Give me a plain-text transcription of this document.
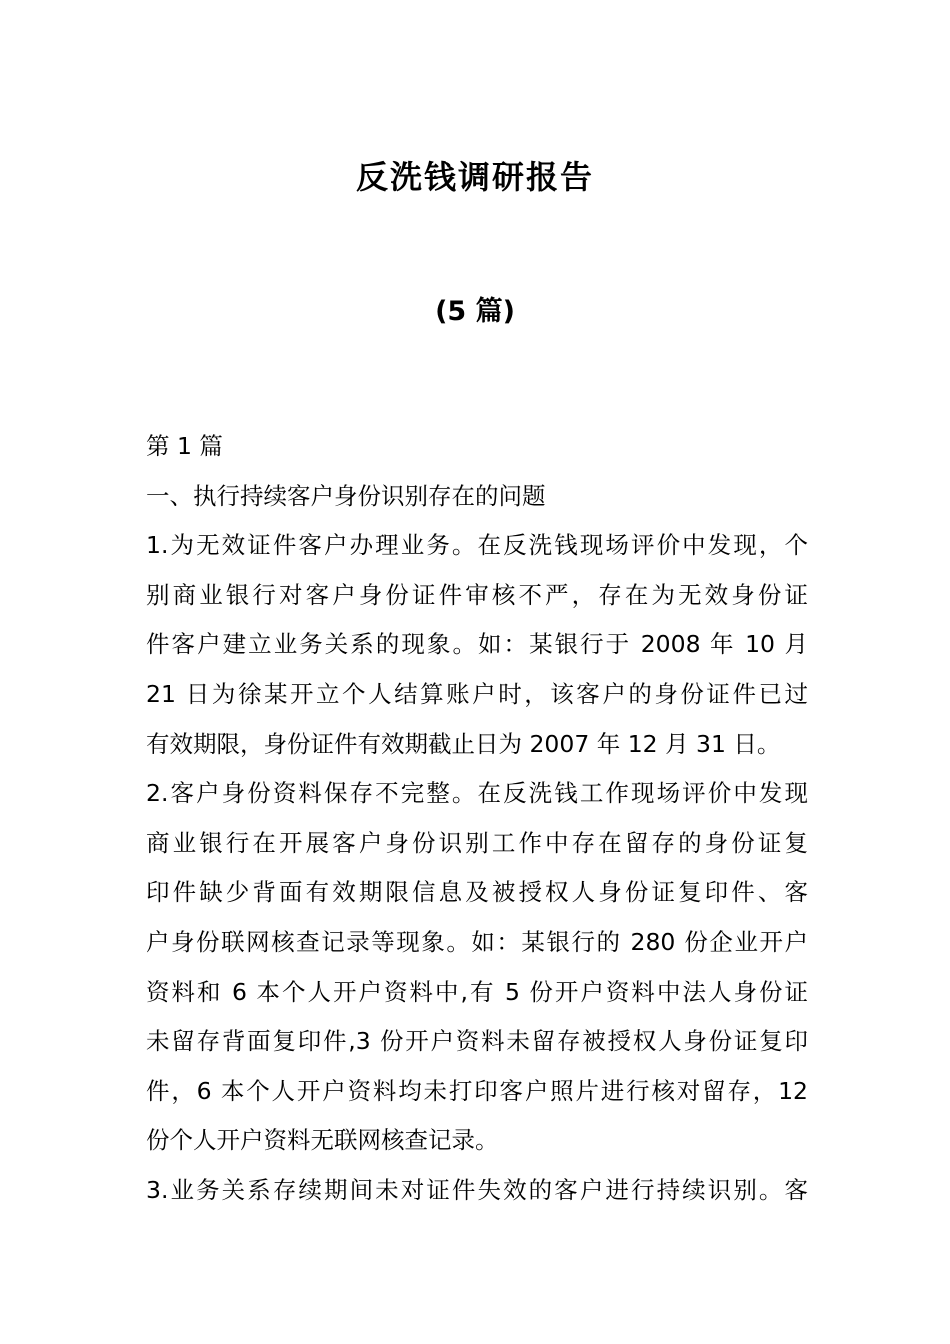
反洗钱调研报告
(5 篇)
第 1 篇
一、执行持续客户身份识别存在的问题
1.为无效证件客户办理业务。在反洗钱现场评价中发现，个
别商业银行对客户身份证件审核不严，存在为无效身份证
件客户建立业务关系的现象。如：某银行于 2008 年 10 月
21 日为徐某开立个人结算账户时，该客户的身份证件已过
有效期限，身份证件有效期截止日为 2007 年 12 月 31 日。
2.客户身份资料保存不完整。在反洗钱工作现场评价中发现
商业银行在开展客户身份识别工作中存在留存的身份证复
印件缺少背面有效期限信息及被授权人身份证复印件、客
户身份联网核查记录等现象。如：某银行的 280 份企业开户
资料和 6 本个人开户资料中,有 5 份开户资料中法人身份证
未留存背面复印件,3 份开户资料未留存被授权人身份证复印
件，6 本个人开户资料均未打印客户照片进行核对留存，12
份个人开户资料无联网核查记录。
3.业务关系存续期间未对证件失效的客户进行持续识别。客
